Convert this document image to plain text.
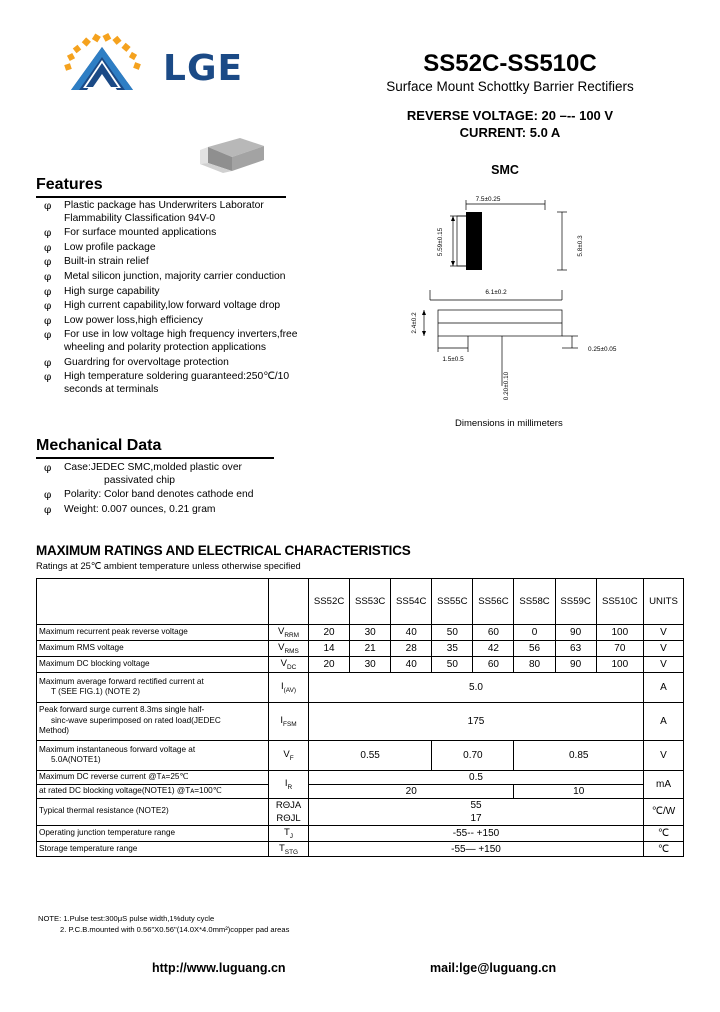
LGE	SS52C-SS510C
Surface Mount Schottky Barrier Rectifiers
REVERSE VOLTAGE: 20 –-- 100 V
CURRENT: 5.0 A
SMC
Features
φ	Plastic package has Underwriters Laborator
Flammability Classification 94V-0
φ	For surface mounted applications
φ	Low profile package
φ	Built-in strain relief
φ	Metal silicon junction, majority carrier conduction
φ	High surge capability
φ	High current capability,low forward voltage drop
φ	Low power loss,high efficiency
φ	For use in low voltage high frequency inverters,free
wheeling and polarity protection applications
φ	Guardring for overvoltage protection
φ	High temperature soldering guaranteed:250℃/10
seconds at terminals
Mechanical Data
φ	Case:JEDEC SMC,molded plastic over
passivated chip
φ	Polarity: Color band denotes cathode end
φ	Weight: 0.007 ounces, 0.21 gram
7.5±0.25
5.8±0.3
5.59±0.15
6.1±0.2
2.4±0.2
1.5±0.5
0.20±0.10
0.25±0.05
Dimensions in millimeters
MAXIMUM RATINGS AND ELECTRICAL CHARACTERISTICS
Ratings at 25℃ ambient temperature unless otherwise specified
		SS52C	SS53C	SS54C	SS55C	SS56C	SS58C	SS59C	SS510C	UNITS
Maximum recurrent peak reverse voltage	$V_{RRM}$	20	30	40	50	60	0	90	100	V
Maximum RMS voltage	$V_{RMS}$	14	21	28	35	42	56	63	70	V
Maximum DC blocking voltage	$V_{DC}$	20	30	40	50	60	80	90	100	V
Maximum average forward rectified current at
T (SEE FIG.1) (NOTE 2)	$I_{(AV)}$	5.0								A
Peak forward surge current 8.3ms single half-
sinc-wave superimposed on rated load(JEDEC
Method)	$I_{FSM}$	175								A
Maximum instantaneous forward voltage at
5.0A(NOTE1)	$V_F$	0.55			0.70		0.85			V
Maximum DC reverse current @Tᴀ=25℃	$I_R$	0.5								mA
at rated DC blocking voltage(NOTE1) @Tᴀ=100℃		20					10			
Typical thermal resistance (NOTE2)	RΘJA	55								℃/W
	RΘJL	17								
Operating junction temperature range	$T_J$	-55-- +150								℃
Storage temperature range	$T_{STG}$	-55— +150								℃
NOTE: 1.Pulse test:300μS pulse width,1%duty cycle
2. P.C.B.mounted with 0.56"X0.56"(14.0X*4.0mm²)copper pad areas
http://www.luguang.cn	mail:lge@luguang.cn
